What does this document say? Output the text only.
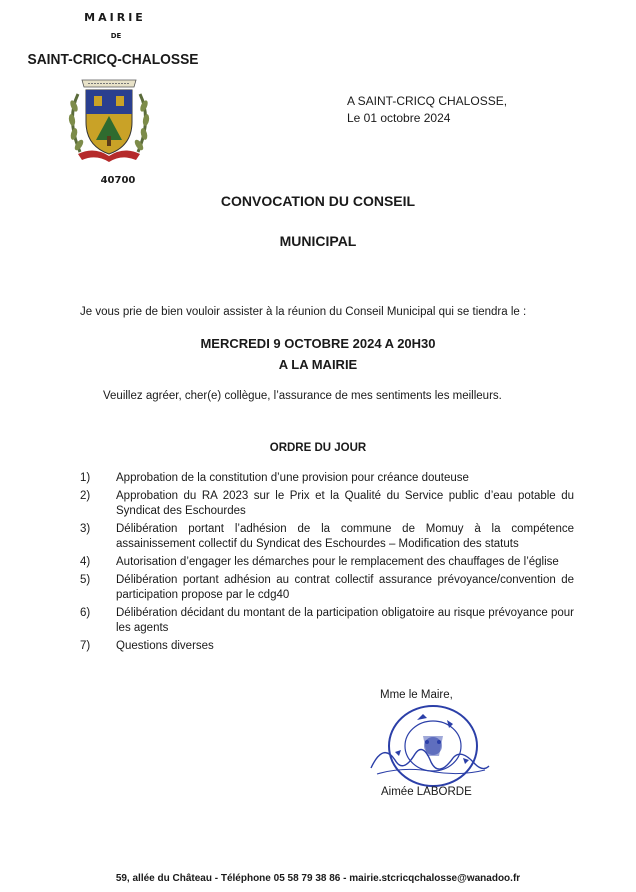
MAIRIE
DE
SAINT-CRICQ-CHALOSSE
40700
A SAINT-CRICQ CHALOSSE,
Le 01 octobre 2024
CONVOCATION DU CONSEIL
MUNICIPAL
Je vous prie de bien vouloir assister à la réunion du Conseil Municipal qui se tiendra le :
MERCREDI 9 OCTOBRE 2024 A 20H30
A LA MAIRIE
Veuillez agréer, cher(e) collègue, l’assurance de mes sentiments les meilleurs.
ORDRE DU JOUR
1)	Approbation de la constitution d’une provision pour créance douteuse
2)	Approbation du RA 2023 sur le Prix et la Qualité du Service public d’eau potable du Syndicat des Eschourdes
3)	Délibération portant l’adhésion de la commune de Momuy à la compétence assainissement collectif du Syndicat des Eschourdes – Modification des statuts
4)	Autorisation d’engager les démarches pour le remplacement des chauffages de l’église
5)	Délibération portant adhésion au contrat collectif assurance prévoyance/convention de participation propose par le cdg40
6)	Délibération décidant du montant de la participation obligatoire au risque prévoyance pour les agents
7)	Questions diverses
Mme le Maire,
Aimée LABORDE
59, allée du Château - Téléphone 05 58 79 38 86 - mairie.stcricqchalosse@wanadoo.fr
